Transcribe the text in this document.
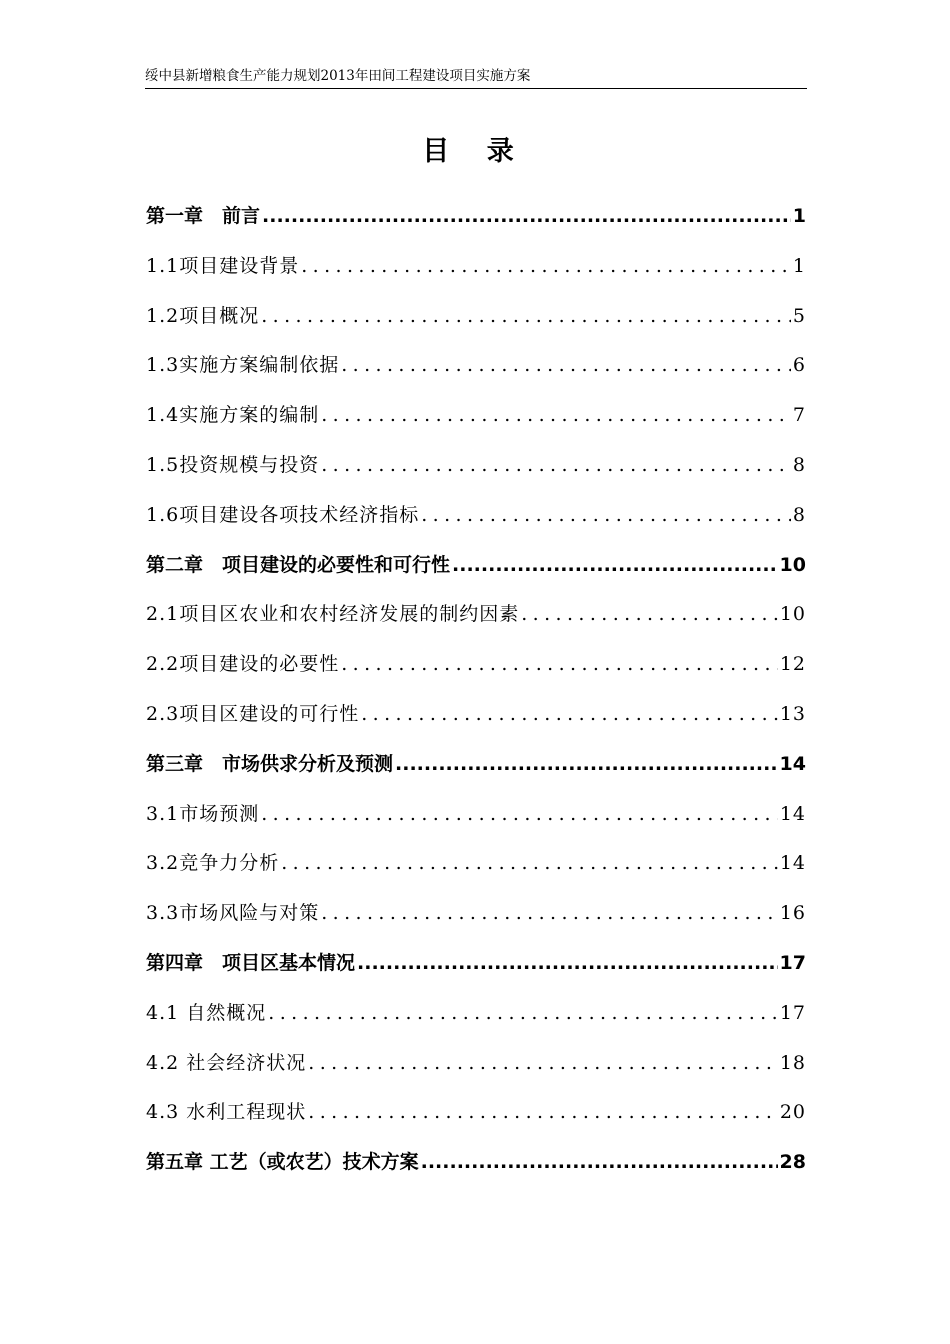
绥中县新增粮食生产能力规划2013年田间工程建设项目实施方案
目 录
第一章　前言 .....	1
1.1项目建设背景 .....	1
1.2项目概况 .....	5
1.3实施方案编制依据 .....	6
1.4实施方案的编制 .....	7
1.5投资规模与投资 .....	8
1.6项目建设各项技术经济指标 .....	8
第二章　项目建设的必要性和可行性 .....	10
2.1项目区农业和农村经济发展的制约因素 .....	10
2.2项目建设的必要性 .....	12
2.3项目区建设的可行性 .....	13
第三章　市场供求分析及预测 .....	14
3.1市场预测 .....	14
3.2竞争力分析 .....	14
3.3市场风险与对策 .....	16
第四章　项目区基本情况 .....	17
4.1 自然概况 .....	17
4.2 社会经济状况 .....	18
4.3 水利工程现状 .....	20
第五章 工艺（或农艺）技术方案 .....	28
